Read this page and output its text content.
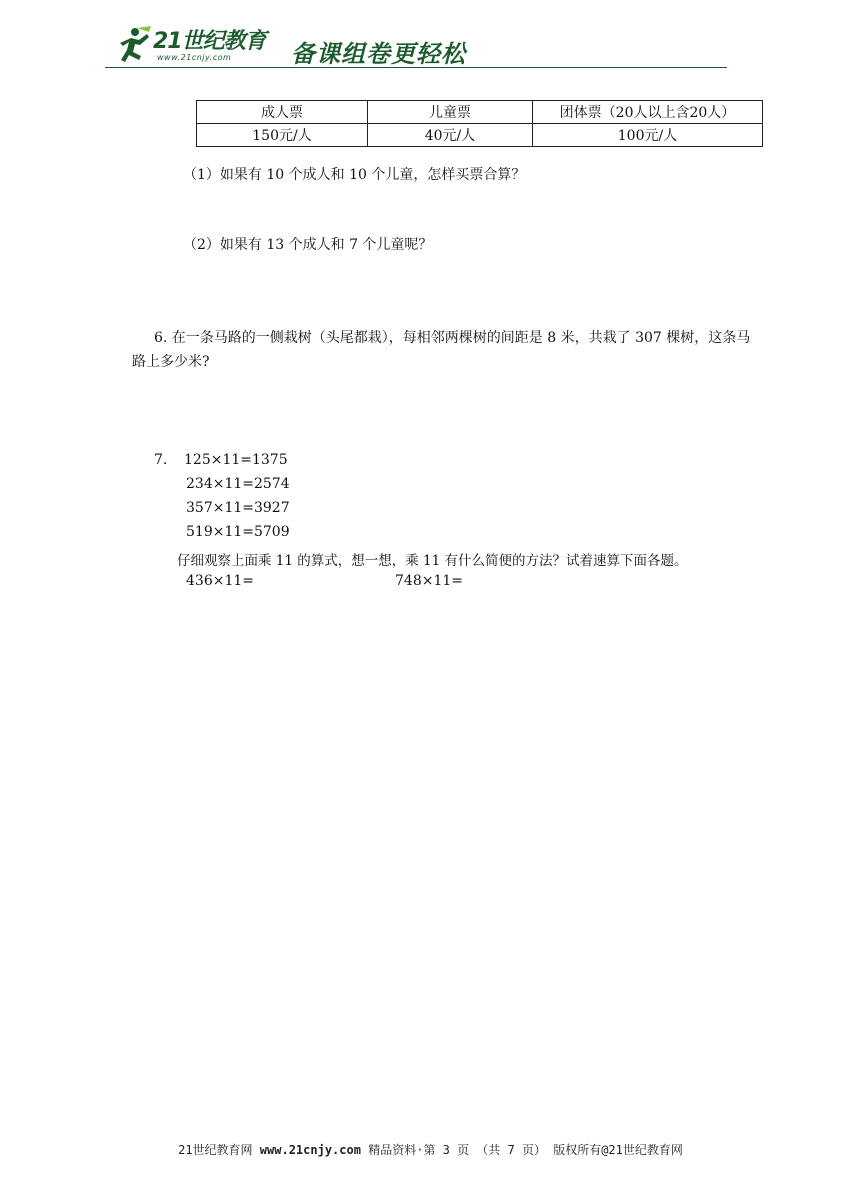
21世纪教育
www.21cnjy.com 备课组卷更轻松
成人票	儿童票	团体票（20人以上含20人）
150元/人	40元/人	100元/人
（1）如果有 10 个成人和 10 个儿童，怎样买票合算？
（2）如果有 13 个成人和 7 个儿童呢？
6. 在一条马路的一侧栽树（头尾都栽），每相邻两棵树的间距是 8 米，共栽了 307 棵树，这条马路上多少米?
7. 125×11=1375
234×11=2574
357×11=3927
519×11=5709
仔细观察上面乘 11 的算式，想一想，乘 11 有什么简便的方法？试着速算下面各题。
436×11=	748×11=
21世纪教育网 www.21cnjy.com 精品资料·第 3 页 （共 7 页） 版权所有@21世纪教育网
